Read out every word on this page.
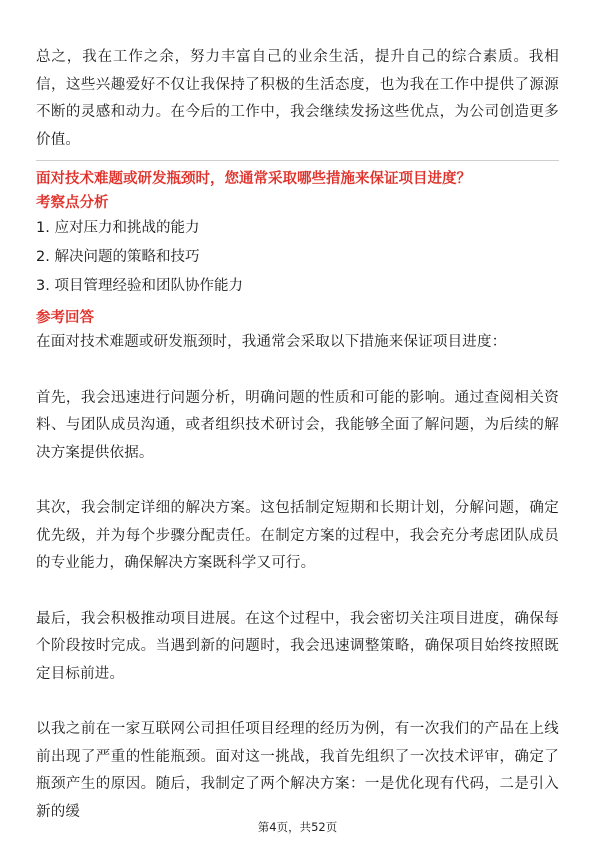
总之，我在工作之余，努力丰富自己的业余生活，提升自己的综合素质。我相信，这些兴趣爱好不仅让我保持了积极的生活态度，也为我在工作中提供了源源不断的灵感和动力。在今后的工作中，我会继续发扬这些优点，为公司创造更多价值。

面对技术难题或研发瓶颈时，您通常采取哪些措施来保证项目进度？

考察点分析

1. 应对压力和挑战的能力

2. 解决问题的策略和技巧

3. 项目管理经验和团队协作能力

参考回答

在面对技术难题或研发瓶颈时，我通常会采取以下措施来保证项目进度：

首先，我会迅速进行问题分析，明确问题的性质和可能的影响。通过查阅相关资料、与团队成员沟通，或者组织技术研讨会，我能够全面了解问题，为后续的解决方案提供依据。

其次，我会制定详细的解决方案。这包括制定短期和长期计划，分解问题，确定优先级，并为每个步骤分配责任。在制定方案的过程中，我会充分考虑团队成员的专业能力，确保解决方案既科学又可行。

最后，我会积极推动项目进展。在这个过程中，我会密切关注项目进度，确保每个阶段按时完成。当遇到新的问题时，我会迅速调整策略，确保项目始终按照既定目标前进。

以我之前在一家互联网公司担任项目经理的经历为例，有一次我们的产品在上线前出现了严重的性能瓶颈。面对这一挑战，我首先组织了一次技术评审，确定了瓶颈产生的原因。随后，我制定了两个解决方案：一是优化现有代码，二是引入新的缓

第4页，共52页
